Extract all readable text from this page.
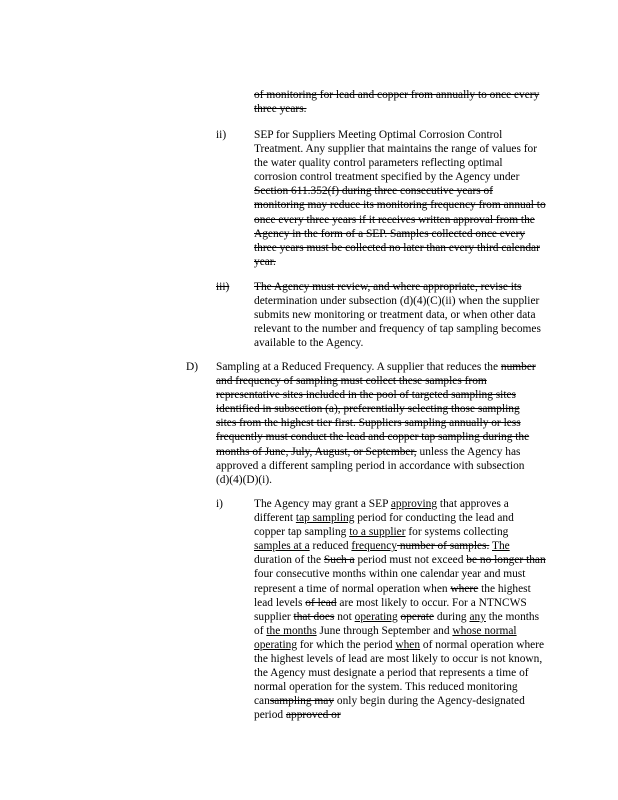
of monitoring for lead and copper from annually to once every three years.

ii) SEP for Suppliers Meeting Optimal Corrosion Control Treatment. Any supplier that maintains the range of values for the water quality control parameters reflecting optimal corrosion control treatment specified by the Agency under Section 611.352(f) during three consecutive years of monitoring may reduce its monitoring frequency from annual to once every three years if it receives written approval from the Agency in the form of a SEP. Samples collected once every three years must be collected no later than every third calendar year.

iii) The Agency must review, and where appropriate, revise its determination under subsection (d)(4)(C)(ii) when the supplier submits new monitoring or treatment data, or when other data relevant to the number and frequency of tap sampling becomes available to the Agency.

D) Sampling at a Reduced Frequency. A supplier that reduces the number and frequency of sampling must collect these samples from representative sites included in the pool of targeted sampling sites identified in subsection (a), preferentially selecting those sampling sites from the highest tier first. Suppliers sampling annually or less frequently must conduct the lead and copper tap sampling during the months of June, July, August, or September, unless the Agency has approved a different sampling period in accordance with subsection (d)(4)(D)(i).

i)	The Agency may grant a SEP approving that approves a different tap sampling period for conducting the lead and copper tap sampling to a supplier for systems collecting samples at a reduced frequency number of samples. The duration of the Such a period must not exceed be no longer than four consecutive months within one calendar year and must represent a time of normal operation when where the highest lead levels of lead are most likely to occur. For a NTNCWS supplier that does not operating operate during any the months of the months June through September and whose normal operating for which the period when of normal operation where the highest levels of lead are most likely to occur is not known, the Agency must designate a period that represents a time of normal operation for the system. This reduced monitoring cansampling may only begin during the Agency-designated period approved or
